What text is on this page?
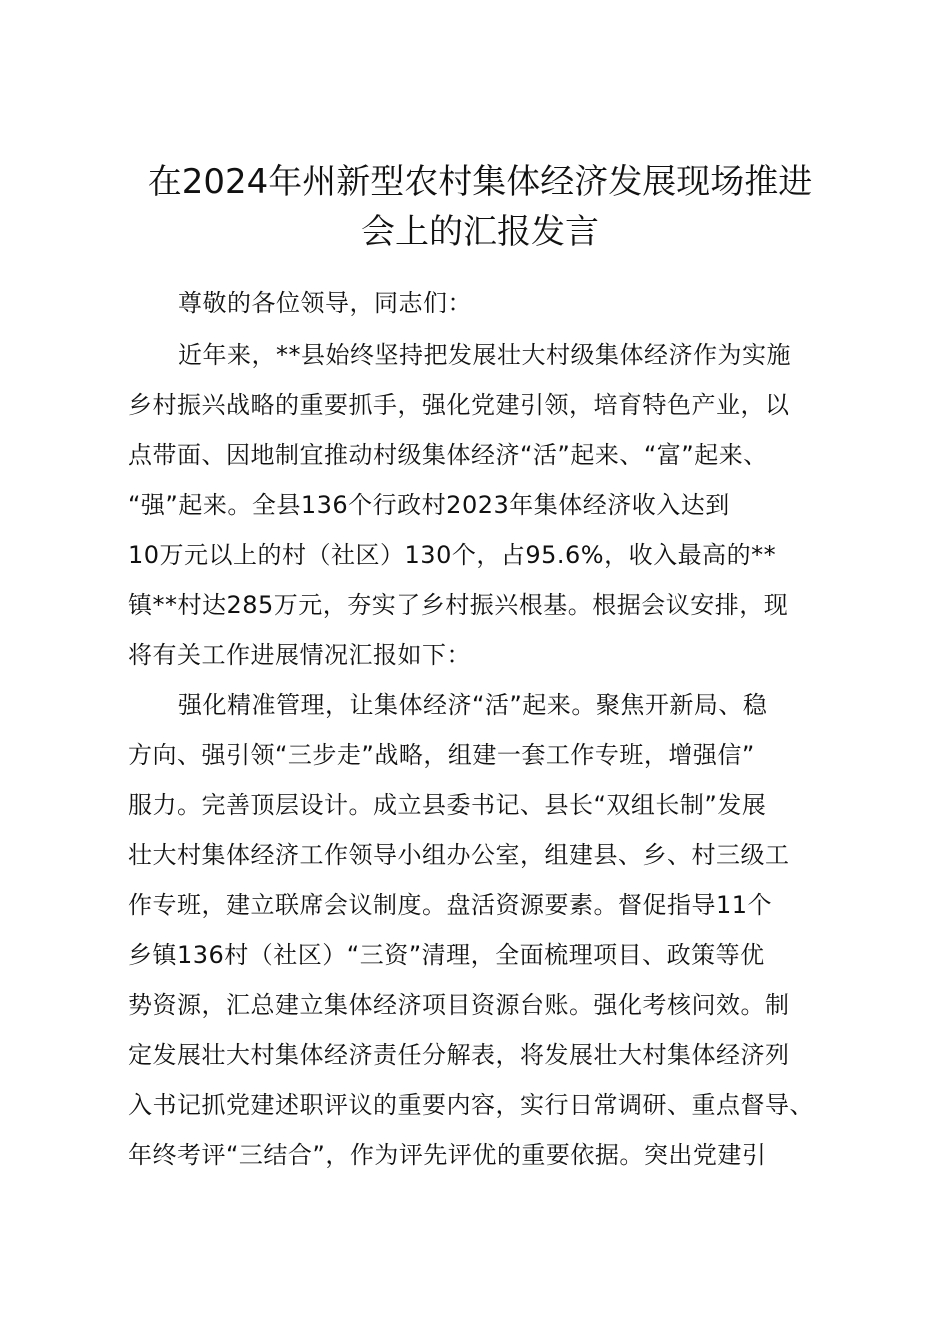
在2024年州新型农村集体经济发展现场推进
会上的汇报发言
尊敬的各位领导，同志们：
近年来，**县始终坚持把发展壮大村级集体经济作为实施
乡村振兴战略的重要抓手，强化党建引领，培育特色产业，以
点带面、因地制宜推动村级集体经济“活”起来、“富”起来、
“强”起来。全县136个行政村2023年集体经济收入达到
10万元以上的村（社区）130个，占95.6%，收入最高的**
镇**村达285万元，夯实了乡村振兴根基。根据会议安排，现
将有关工作进展情况汇报如下：
强化精准管理，让集体经济“活”起来。聚焦开新局、稳
方向、强引领“三步走”战略，组建一套工作专班，增强信”
服力。完善顶层设计。成立县委书记、县长“双组长制”发展
壮大村集体经济工作领导小组办公室，组建县、乡、村三级工
作专班，建立联席会议制度。盘活资源要素。督促指导11个
乡镇136村（社区）“三资”清理，全面梳理项目、政策等优
势资源，汇总建立集体经济项目资源台账。强化考核问效。制
定发展壮大村集体经济责任分解表，将发展壮大村集体经济列
入书记抓党建述职评议的重要内容，实行日常调研、重点督导、
年终考评“三结合”，作为评先评优的重要依据。突出党建引
